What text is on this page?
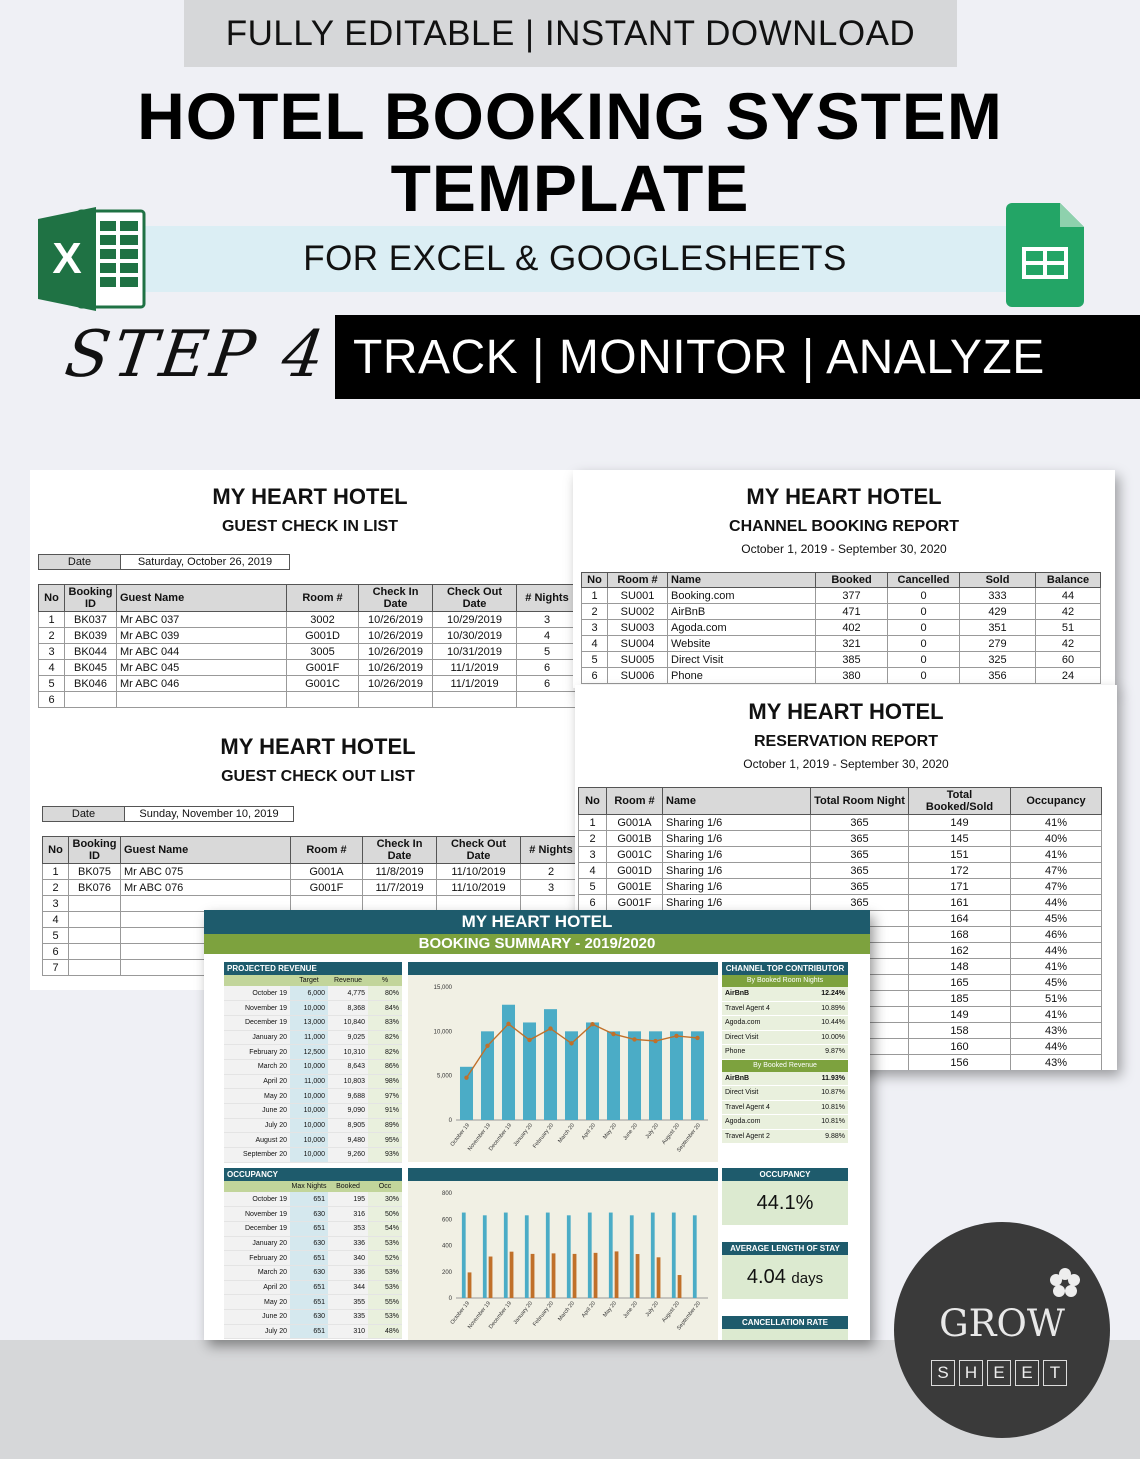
FULLY EDITABLE | INSTANT DOWNLOAD
HOTEL BOOKING SYSTEM
TEMPLATE
FOR EXCEL & GOOGLESHEETS
X
STEP 4 TRACK | MONITOR | ANALYZE
MY HEART HOTEL
GUEST CHECK IN LIST
Date	Saturday, October 26, 2019
No	Booking ID	Guest Name	Room #	Check In Date	Check Out Date	# Nights
1	BK037	Mr ABC 037	3002	10/26/2019	10/29/2019	3
2	BK039	Mr ABC 039	G001D	10/26/2019	10/30/2019	4
3	BK044	Mr ABC 044	3005	10/26/2019	10/31/2019	5
4	BK045	Mr ABC 045	G001F	10/26/2019	11/1/2019	6
5	BK046	Mr ABC 046	G001C	10/26/2019	11/1/2019	6
6						
MY HEART HOTEL
GUEST CHECK OUT LIST
Date	Sunday, November 10, 2019
No	Booking ID	Guest Name	Room #	Check In Date	Check Out Date	# Nights
1	BK075	Mr ABC 075	G001A	11/8/2019	11/10/2019	2
2	BK076	Mr ABC 076	G001F	11/7/2019	11/10/2019	3
3						
4						
5						
6						
7						
MY HEART HOTEL
CHANNEL BOOKING REPORT
October 1, 2019 - September 30, 2020
No	Room #	Name	Booked	Cancelled	Sold	Balance
1	SU001	Booking.com	377	0	333	44
2	SU002	AirBnB	471	0	429	42
3	SU003	Agoda.com	402	0	351	51
4	SU004	Website	321	0	279	42
5	SU005	Direct Visit	385	0	325	60
6	SU006	Phone	380	0	356	24
MY HEART HOTEL
RESERVATION REPORT
October 1, 2019 - September 30, 2020
No	Room #	Name	Total Room Night	Total Booked/Sold	Occupancy
1	G001A	Sharing 1/6	365	149	41%
2	G001B	Sharing 1/6	365	145	40%
3	G001C	Sharing 1/6	365	151	41%
4	G001D	Sharing 1/6	365	172	47%
5	G001E	Sharing 1/6	365	171	47%
6	G001F	Sharing 1/6	365	161	44%
				164	45%
				168	46%
				162	44%
				148	41%
				165	45%
				185	51%
				149	41%
				158	43%
				160	44%
				156	43%
MY HEART HOTEL
BOOKING SUMMARY - 2019/2020
PROJECTED REVENUE
Target	Revenue	%
October 19	6,000	4,775	80%
November 19	10,000	8,368	84%
December 19	13,000	10,840	83%
January 20	11,000	9,025	82%
February 20	12,500	10,310	82%
March 20	10,000	8,643	86%
April 20	11,000	10,803	98%
May 20	10,000	9,688	97%
June 20	10,000	9,090	91%
July 20	10,000	8,905	89%
August 20	10,000	9,480	95%
September 20	10,000	9,260	93%
OCCUPANCY
Max Nights	Booked	Occ
October 19	651	195	30%
November 19	630	316	50%
December 19	651	353	54%
January 20	630	336	53%
February 20	651	340	52%
March 20	630	336	53%
April 20	651	344	53%
May 20	651	355	55%
June 20	630	335	53%
July 20	651	310	48%
0
5,000
10,000
15,000
October 19
November 19
December 19 January 20
February 20 March 20 April 20 May 20 June 20 July 20 August 20
September 20
0
200
400
600
800
October 19
November 19
December 19 January 20
February 20 March 20 April 20 May 20 June 20 July 20 August 20
September 20
CHANNEL TOP CONTRIBUTOR
By Booked Room Nights
AirBnB	12.24%
Travel Agent 4	10.89%
Agoda.com	10.44%
Direct Visit	10.00%
Phone	9.87%
By Booked Revenue
AirBnB	11.93%
Direct Visit	10.87%
Travel Agent 4	10.81%
Agoda.com	10.81%
Travel Agent 2	9.88%
OCCUPANCY
44.1%
AVERAGE LENGTH OF STAY
4.04 days
CANCELLATION RATE	GROW
S H E E	T
